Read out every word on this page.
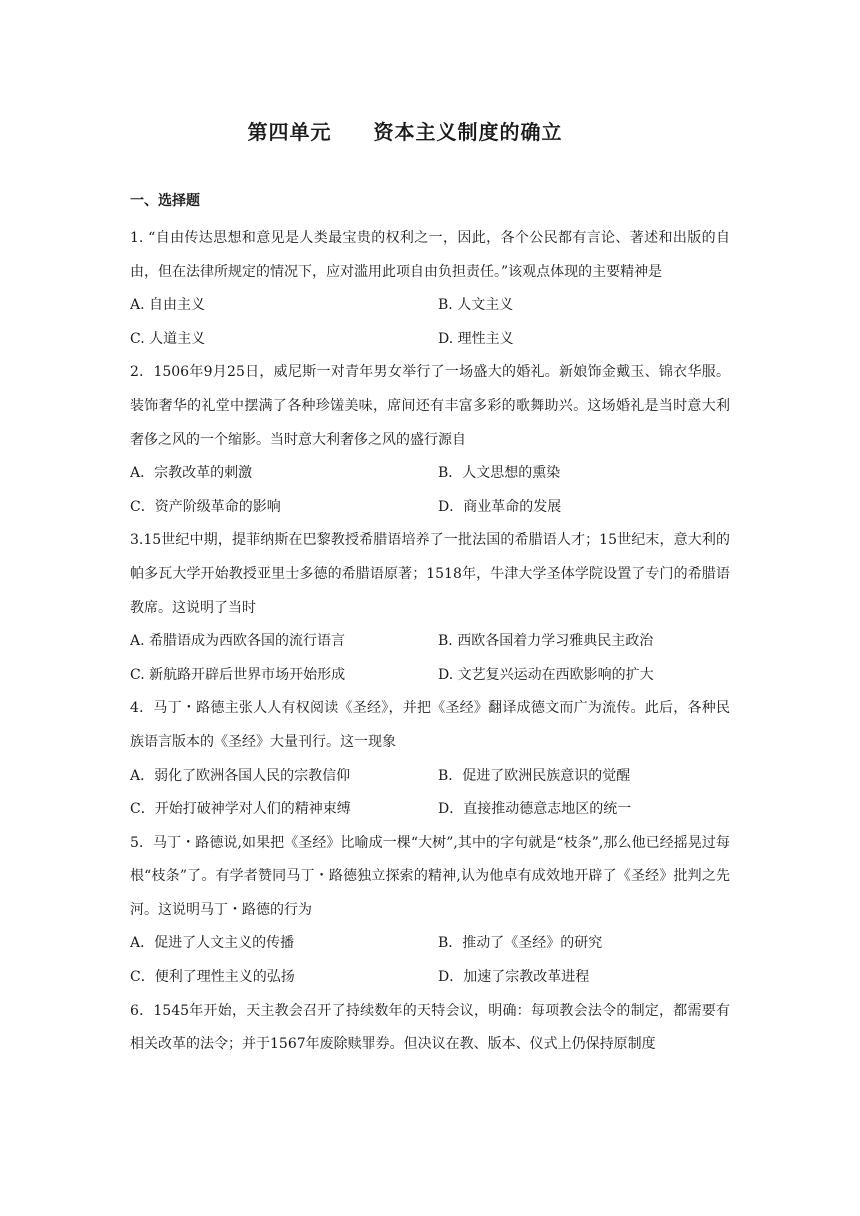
第四单元　　资本主义制度的确立
一、选择题

1. “自由传达思想和意见是人类最宝贵的权利之一，因此，各个公民都有言论、著述和出版的自由，但在法律所规定的情况下，应对滥用此项自由负担责任。”该观点体现的主要精神是

A. 自由主义	B. 人文主义
C. 人道主义	D. 理性主义

2．1506年9月25日，威尼斯一对青年男女举行了一场盛大的婚礼。新娘饰金戴玉、锦衣华服。装饰奢华的礼堂中摆满了各种珍馐美味，席间还有丰富多彩的歌舞助兴。这场婚礼是当时意大利奢侈之风的一个缩影。当时意大利奢侈之风的盛行源自

A．宗教改革的刺激	B．人文思想的熏染
C．资产阶级革命的影响	D．商业革命的发展

3.15世纪中期，提菲纳斯在巴黎教授希腊语培养了一批法国的希腊语人才；15世纪末，意大利的帕多瓦大学开始教授亚里士多德的希腊语原著；1518年，牛津大学圣体学院设置了专门的希腊语教席。这说明了当时

A. 希腊语成为西欧各国的流行语言	B. 西欧各国着力学习雅典民主政治
C. 新航路开辟后世界市场开始形成	D. 文艺复兴运动在西欧影响的扩大

4．马丁・路德主张人人有权阅读《圣经》，并把《圣经》翻译成德文而广为流传。此后，各种民族语言版本的《圣经》大量刊行。这一现象

A．弱化了欧洲各国人民的宗教信仰	B．促进了欧洲民族意识的觉醒
C．开始打破神学对人们的精神束缚	D．直接推动德意志地区的统一

5．马丁・路德说,如果把《圣经》比喻成一棵“大树”,其中的字句就是“枝条”,那么他已经摇晃过每根“枝条”了。有学者赞同马丁・路德独立探索的精神,认为他卓有成效地开辟了《圣经》批判之先河。这说明马丁・路德的行为

A．促进了人文主义的传播	B．推动了《圣经》的研究
C．便利了理性主义的弘扬	D．加速了宗教改革进程

6．1545年开始，天主教会召开了持续数年的天特会议，明确：每项教会法令的制定，都需要有相关改革的法令；并于1567年废除赎罪券。但决议在教、版本、仪式上仍保持原制度
